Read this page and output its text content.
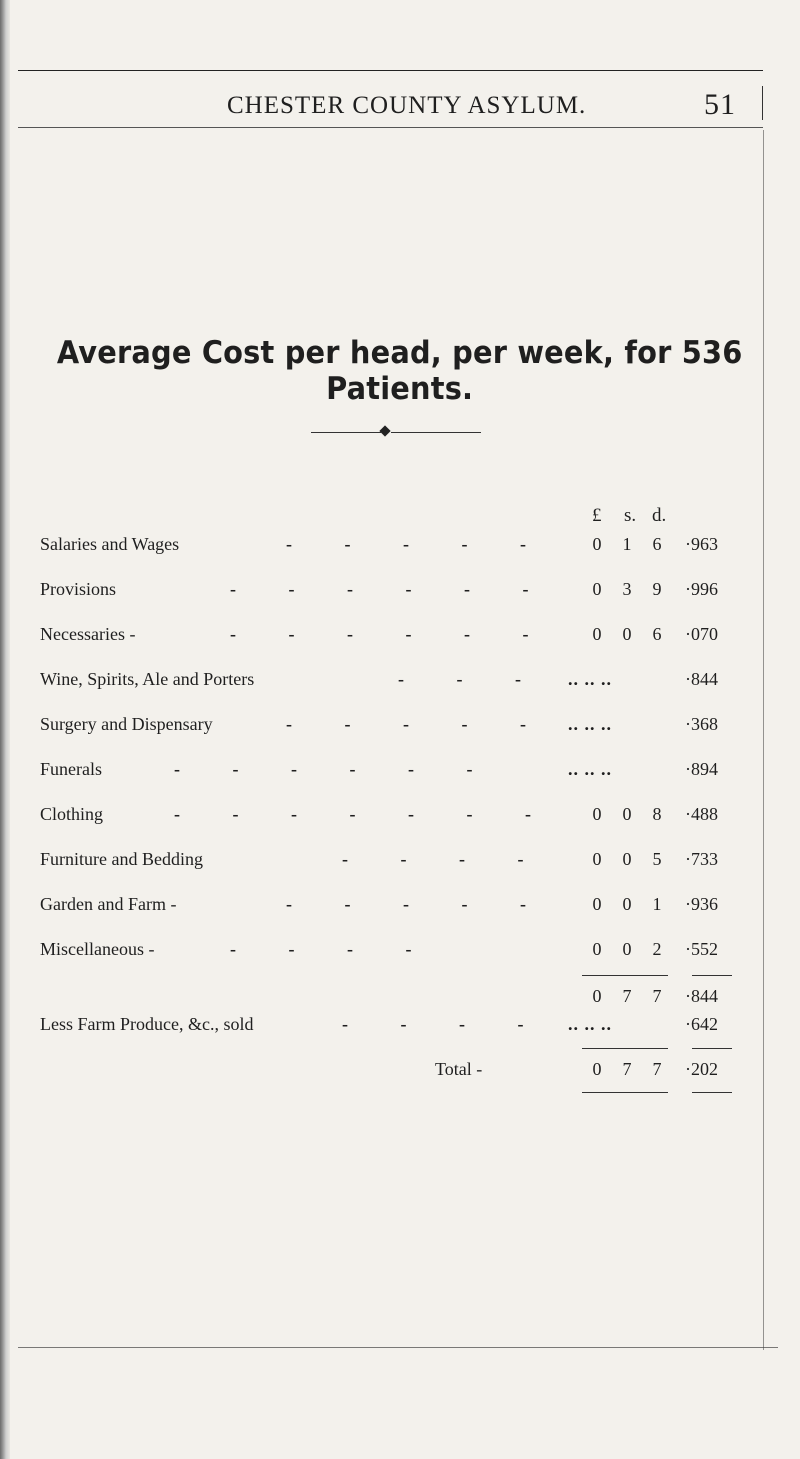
CHESTER COUNTY ASYLUM.	51
Average Cost per head, per week, for 536 Patients.
£ s. d.
Salaries and Wages	- - - - -	0	1	6	·963
Provisions	- - - - - -	0	3	9	·996
Necessaries -	- - - - - -	0	0	6	·070
Wine, Spirits, Ale and Porters	- - - .. .. ..	·844
Surgery and Dispensary	- - - - - .. .. ..	·368
Funerals	- - - - - -	.. .. ..	·894
Clothing	- - - - - - -	0	0	8	·488
Furniture and Bedding	- - - -	0	0	5	·733
Garden and Farm -	- - - - -	0	0	1	·936
Miscellaneous -	- - - -	0	0	2	·552
0	7	7	·844
Less Farm Produce, &c., sold	- - - - .. .. ..	·642
Total -	0	7	7	·202
